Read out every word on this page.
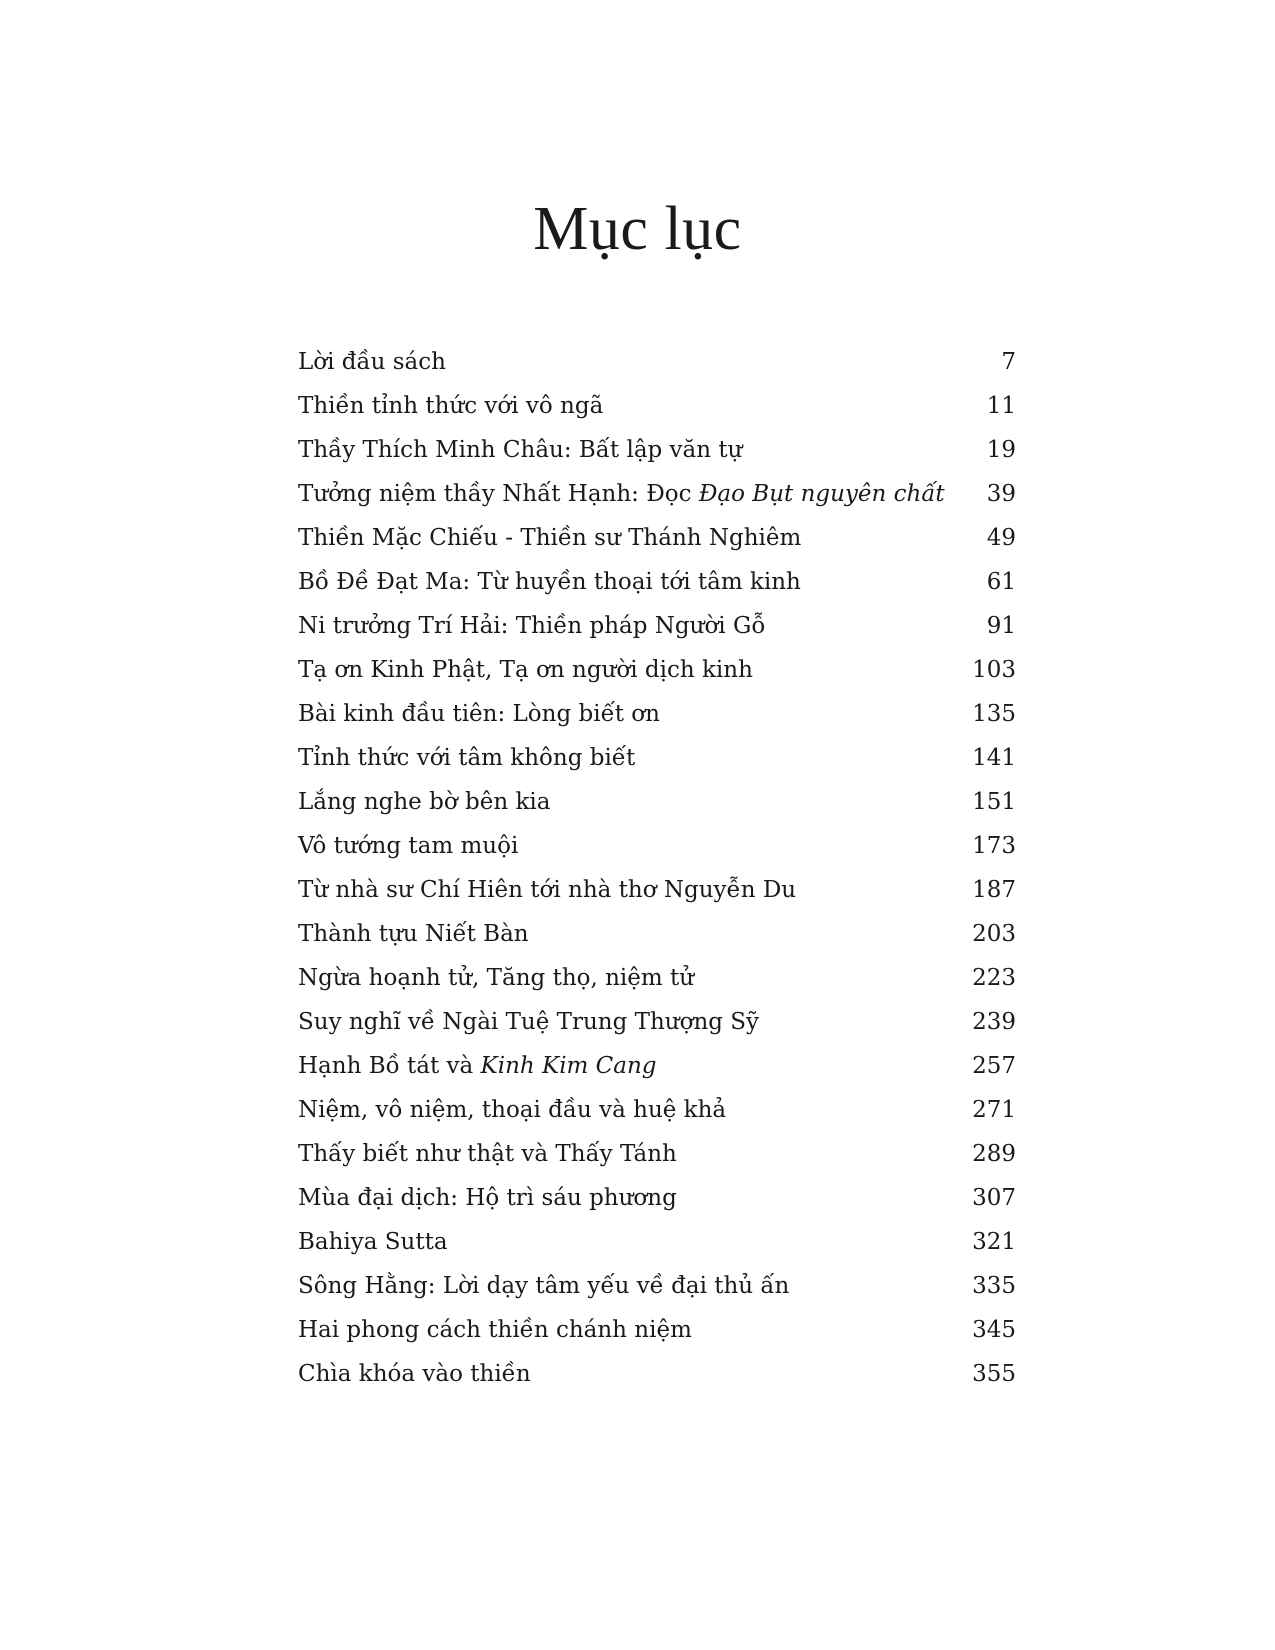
Mục lục
Lời đầu sách	7
Thiền tỉnh thức với vô ngã	11
Thầy Thích Minh Châu: Bất lập văn tự	19
Tưởng niệm thầy Nhất Hạnh: Đọc Đạo Bụt nguyên chất	39
Thiền Mặc Chiếu - Thiền sư Thánh Nghiêm	49
Bồ Đề Đạt Ma: Từ huyền thoại tới tâm kinh	61
Ni trưởng Trí Hải: Thiền pháp Người Gỗ	91
Tạ ơn Kinh Phật, Tạ ơn người dịch kinh	103
Bài kinh đầu tiên: Lòng biết ơn	135
Tỉnh thức với tâm không biết	141
Lắng nghe bờ bên kia	151
Vô tướng tam muội	173
Từ nhà sư Chí Hiên tới nhà thơ Nguyễn Du	187
Thành tựu Niết Bàn	203
Ngừa hoạnh tử, Tăng thọ, niệm tử	223
Suy nghĩ về Ngài Tuệ Trung Thượng Sỹ	239
Hạnh Bồ tát và Kinh Kim Cang	257
Niệm, vô niệm, thoại đầu và huệ khả	271
Thấy biết như thật và Thấy Tánh	289
Mùa đại dịch: Hộ trì sáu phương	307
Bahiya Sutta	321
Sông Hằng: Lời dạy tâm yếu về đại thủ ấn	335
Hai phong cách thiền chánh niệm	345
Chìa khóa vào thiền	355
